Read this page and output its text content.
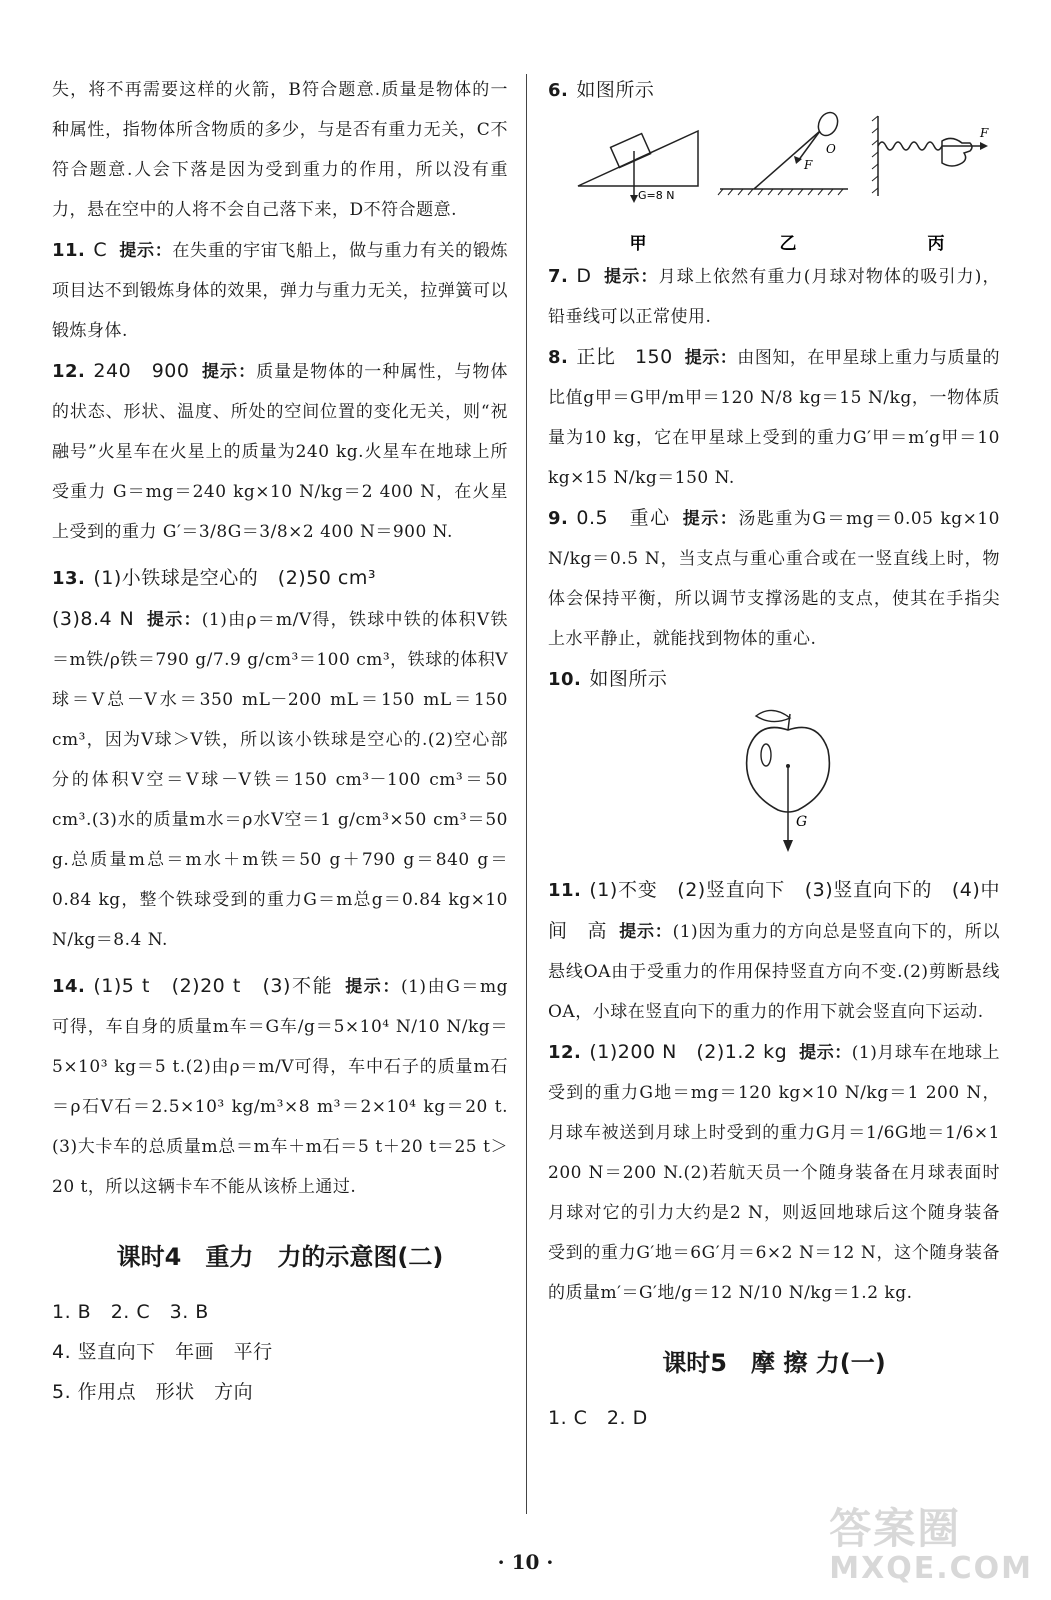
失，将不再需要这样的火箭，B符合题意.质量是物体的一种属性，指物体所含物质的多少，与是否有重力无关，C不符合题意.人会下落是因为受到重力的作用，所以没有重力，悬在空中的人将不会自己落下来，D不符合题意.
11. C 提示：在失重的宇宙飞船上，做与重力有关的锻炼项目达不到锻炼身体的效果，弹力与重力无关，拉弹簧可以锻炼身体.
12. 240　900 提示：质量是物体的一种属性，与物体的状态、形状、温度、所处的空间位置的变化无关，则“祝融号”火星车在火星上的质量为240 kg.火星车在地球上所受重力 G＝mg＝240 kg×10 N/kg＝2 400 N，在火星上受到的重力 G′＝3/8G＝3/8×2 400 N＝900 N.
13. (1)小铁球是空心的　(2)50 cm³
(3)8.4 N 提示：(1)由ρ＝m/V得，铁球中铁的体积V铁＝m铁/ρ铁＝790 g/7.9 g/cm³＝100 cm³，铁球的体积V球＝V总－V水＝350 mL－200 mL＝150 mL＝150 cm³，因为V球＞V铁，所以该小铁球是空心的.(2)空心部分的体积V空＝V球－V铁＝150 cm³－100 cm³＝50 cm³.(3)水的质量m水＝ρ水V空＝1 g/cm³×50 cm³＝50 g.总质量m总＝m水＋m铁＝50 g＋790 g＝840 g＝0.84 kg，整个铁球受到的重力G＝m总g＝0.84 kg×10 N/kg＝8.4 N.
14. (1)5 t　(2)20 t　(3)不能 提示：(1)由G＝mg可得，车自身的质量m车＝G车/g＝5×10⁴ N/10 N/kg＝5×10³ kg＝5 t.(2)由ρ＝m/V可得，车中石子的质量m石＝ρ石V石＝2.5×10³ kg/m³×8 m³＝2×10⁴ kg＝20 t.(3)大卡车的总质量m总＝m车＋m石＝5 t＋20 t＝25 t＞20 t，所以这辆卡车不能从该桥上通过.
课时4　重力　力的示意图(二)
1. B　2. C　3. B
4. 竖直向下　年画　平行
5. 作用点　形状　方向
6. 如图所示
G=8 N
O
F
F
甲	乙	丙
7. D 提示：月球上依然有重力(月球对物体的吸引力)，铅垂线可以正常使用.
8. 正比　150 提示：由图知，在甲星球上重力与质量的比值g甲＝G甲/m甲＝120 N/8 kg＝15 N/kg，一物体质量为10 kg，它在甲星球上受到的重力G′甲＝m′g甲＝10 kg×15 N/kg＝150 N.
9. 0.5　重心 提示：汤匙重为G＝mg＝0.05 kg×10 N/kg＝0.5 N，当支点与重心重合或在一竖直线上时，物体会保持平衡，所以调节支撑汤匙的支点，使其在手指尖上水平静止，就能找到物体的重心.
10. 如图所示
G
11. (1)不变　(2)竖直向下　(3)竖直向下的　(4)中间　高 提示：(1)因为重力的方向总是竖直向下的，所以悬线OA由于受重力的作用保持竖直方向不变.(2)剪断悬线OA，小球在竖直向下的重力的作用下就会竖直向下运动.
12. (1)200 N　(2)1.2 kg 提示：(1)月球车在地球上受到的重力G地＝mg＝120 kg×10 N/kg＝1 200 N，月球车被送到月球上时受到的重力G月＝1/6G地＝1/6×1 200 N＝200 N.(2)若航天员一个随身装备在月球表面时月球对它的引力大约是2 N，则返回地球后这个随身装备受到的重力G′地＝6G′月＝6×2 N＝12 N，这个随身装备的质量m′＝G′地/g＝12 N/10 N/kg＝1.2 kg.
课时5　摩 擦 力(一)
1. C　2. D
· 10 ·
答案圈
MXQE.COM
